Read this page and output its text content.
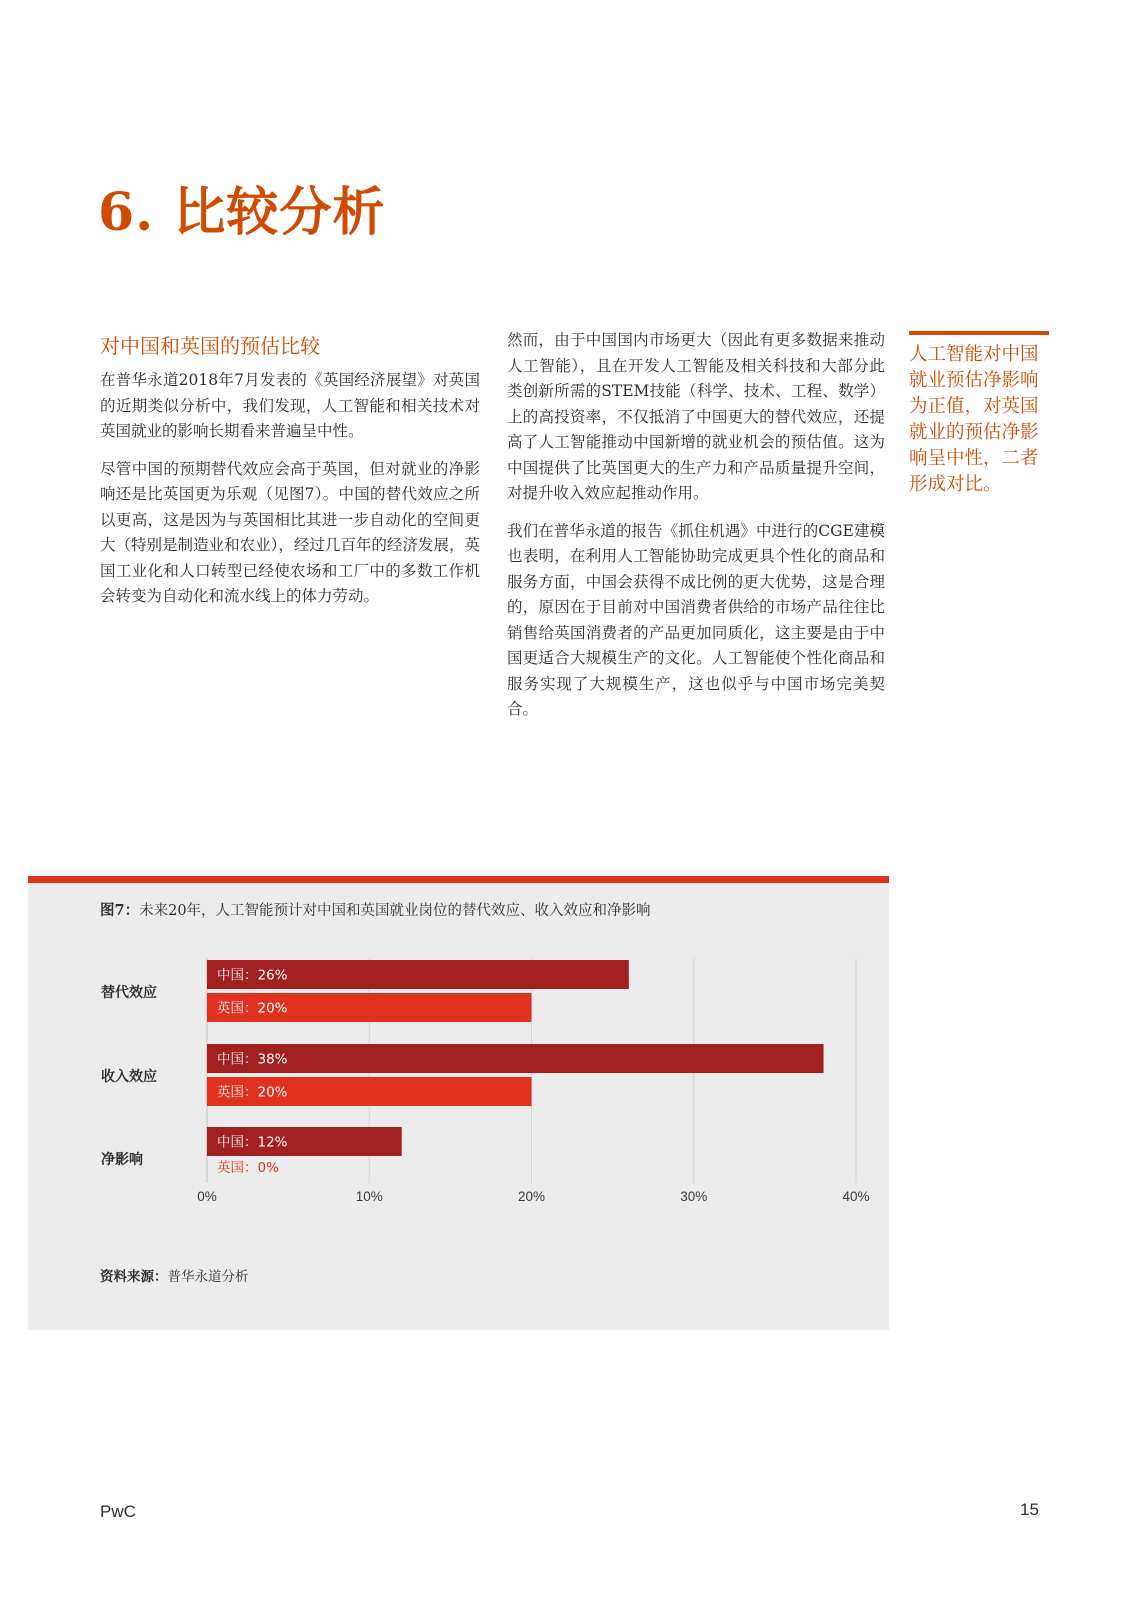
6. 比较分析
对中国和英国的预估比较

在普华永道2018年7月发表的《英国经济展望》对英国的近期类似分析中，我们发现，人工智能和相关技术对英国就业的影响长期看来普遍呈中性。

尽管中国的预期替代效应会高于英国，但对就业的净影响还是比英国更为乐观（见图7）。中国的替代效应之所以更高，这是因为与英国相比其进一步自动化的空间更大（特别是制造业和农业），经过几百年的经济发展，英国工业化和人口转型已经使农场和工厂中的多数工作机会转变为自动化和流水线上的体力劳动。

然而，由于中国国内市场更大（因此有更多数据来推动人工智能），且在开发人工智能及相关科技和大部分此类创新所需的STEM技能（科学、技术、工程、数学）上的高投资率，不仅抵消了中国更大的替代效应，还提高了人工智能推动中国新增的就业机会的预估值。这为中国提供了比英国更大的生产力和产品质量提升空间，对提升收入效应起推动作用。

我们在普华永道的报告《抓住机遇》中进行的CGE建模也表明，在利用人工智能协助完成更具个性化的商品和服务方面，中国会获得不成比例的更大优势，这是合理的，原因在于目前对中国消费者供给的市场产品往往比销售给英国消费者的产品更加同质化，这主要是由于中国更适合大规模生产的文化。人工智能使个性化商品和服务实现了大规模生产，这也似乎与中国市场完美契合。

人工智能对中国就业预估净影响为正值，对英国就业的预估净影响呈中性，二者形成对比。
图7：未来20年，人工智能预计对中国和英国就业岗位的替代效应、收入效应和净影响
0%	10%	20%	30%	40%
替代效应
收入效应
净影响
中国：26%
中国：38%
中国：12%
英国：20%
英国：20%
英国：0%
资料来源：普华永道分析
PwC	15
